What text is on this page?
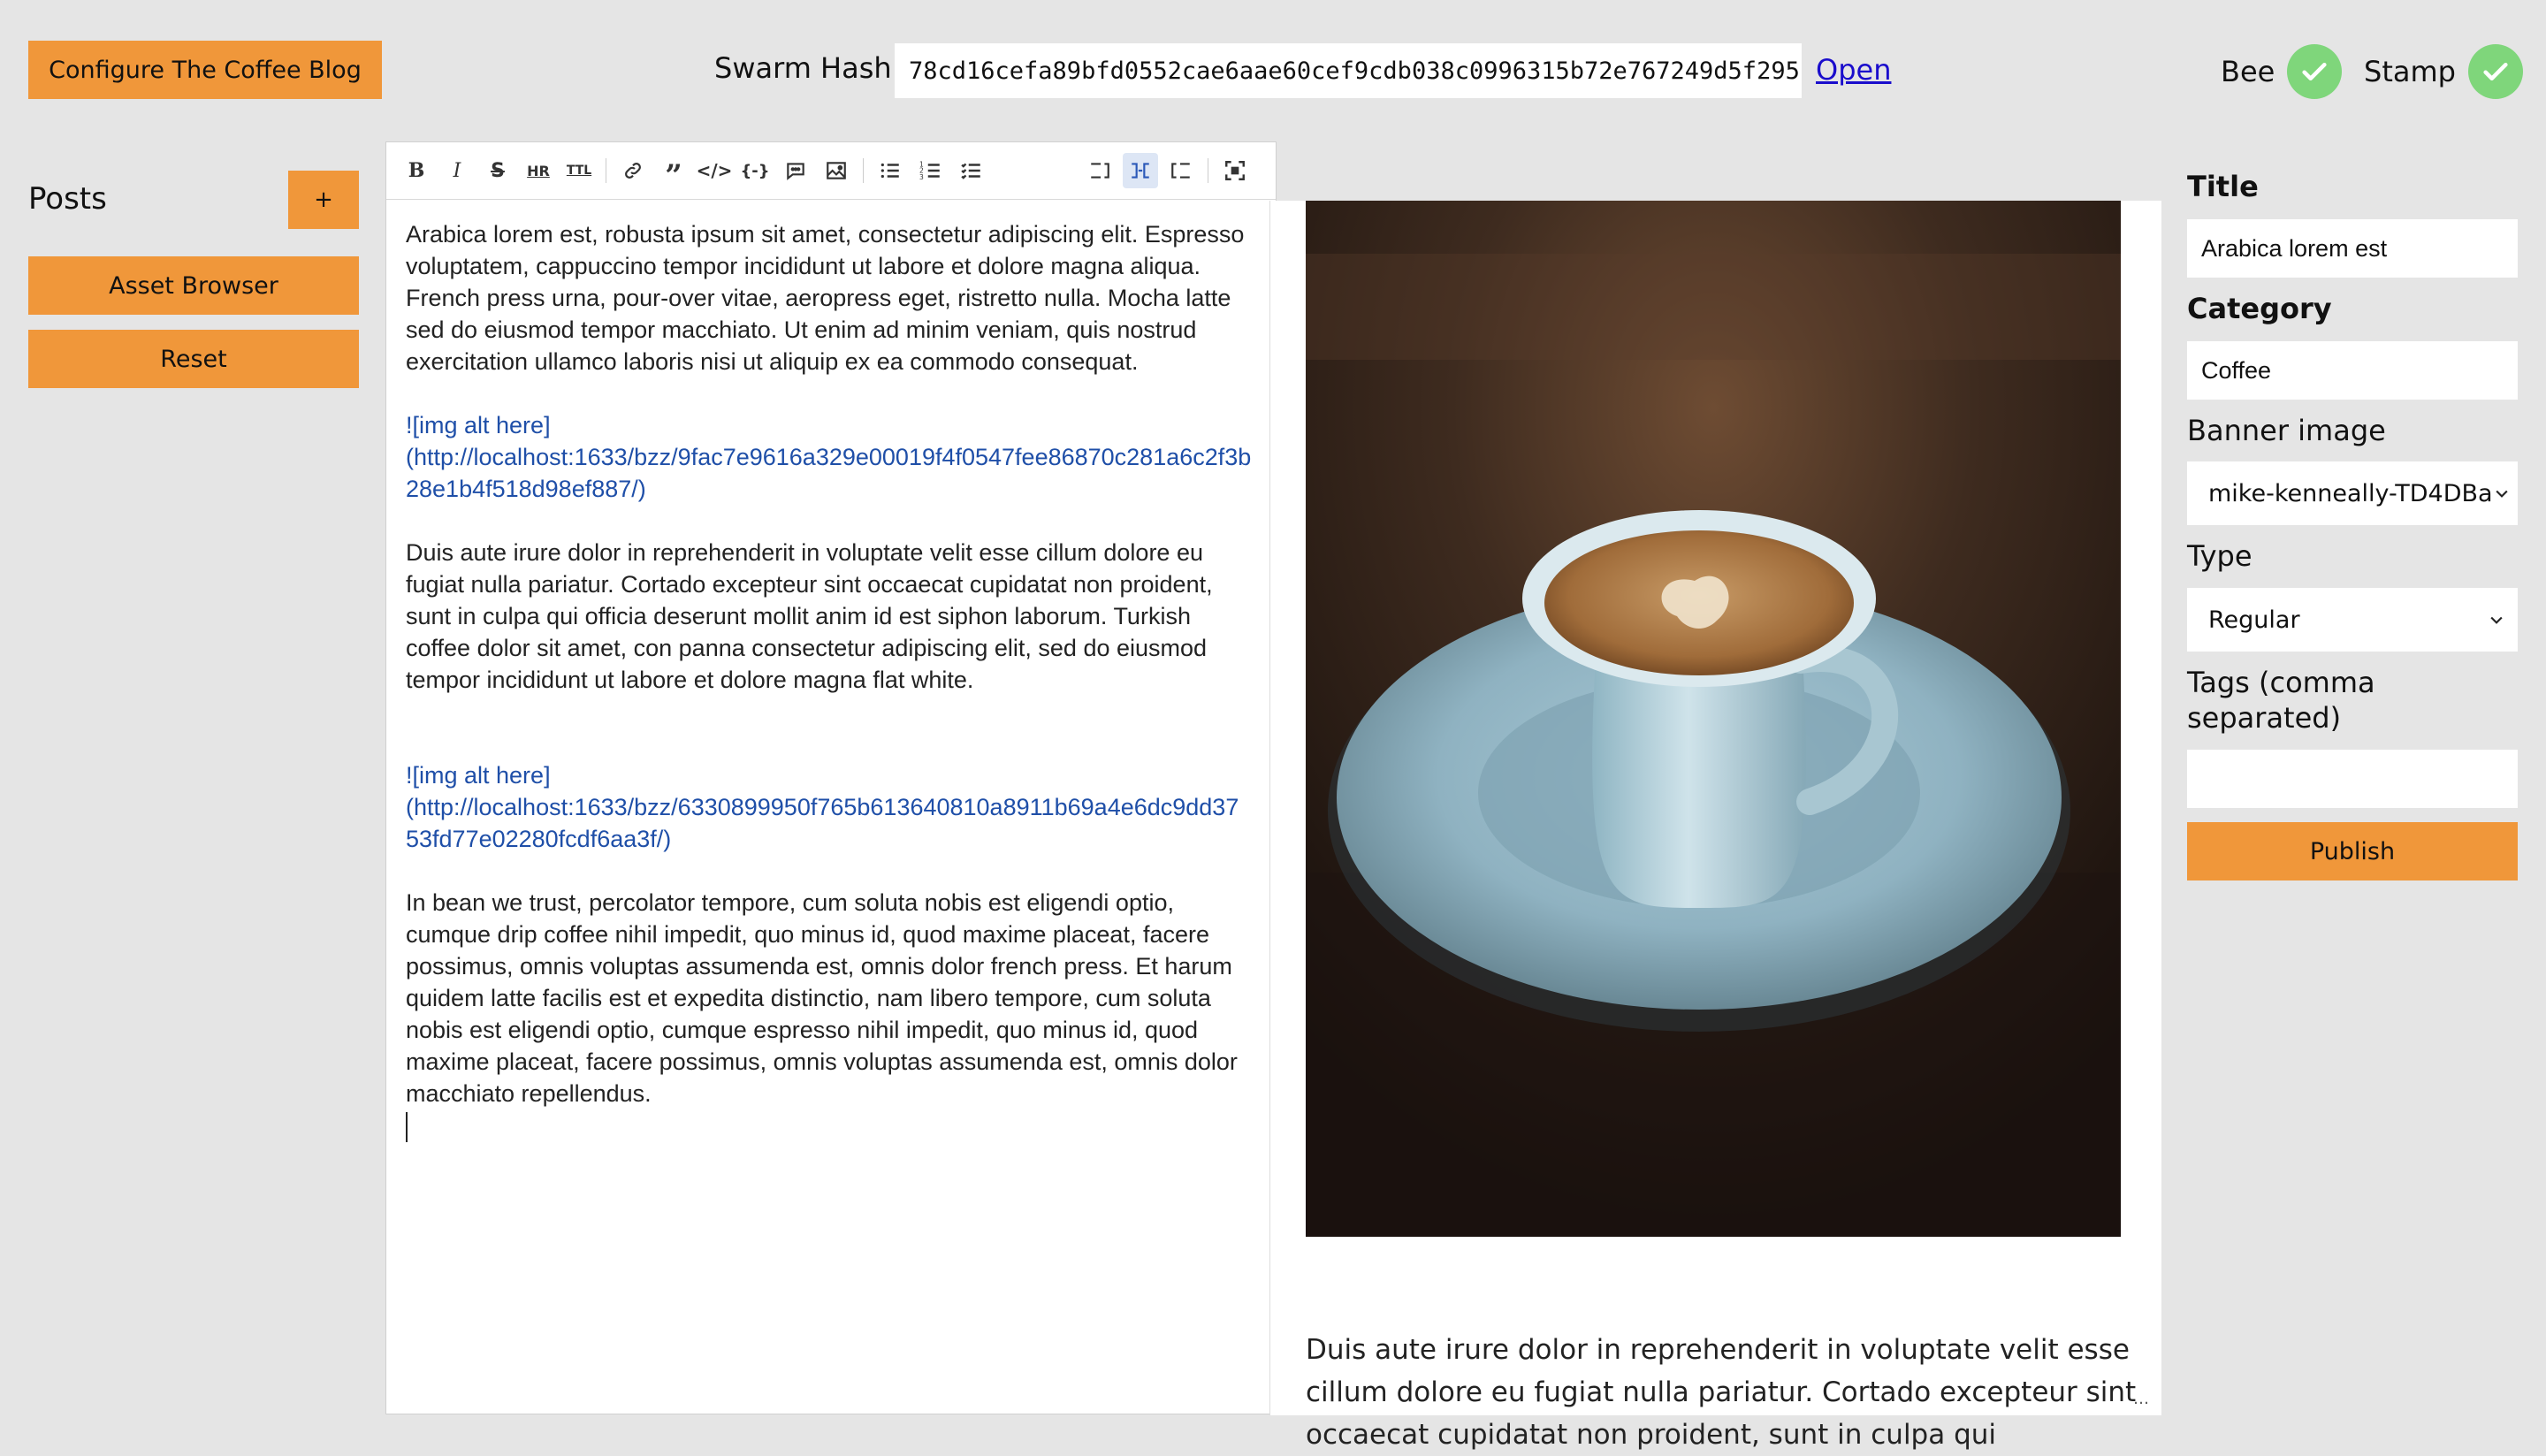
Configure The Coffee Blog	Swarm Hash 78cd16cefa89bfd0552cae6aae60cef9cdb038c0996315b72e767249d5f295 Open	Bee	Stamp
Posts	+
Asset Browser
Reset
B I S HR TTL	” </> {-}	1
2
3

Arabica lorem est, robusta ipsum sit amet, consectetur adipiscing elit. Espresso voluptatem, cappuccino tempor incididunt ut labore et dolore magna aliqua. French press urna, pour-over vitae, aeropress eget, ristretto nulla. Mocha latte sed do eiusmod tempor macchiato. Ut enim ad minim veniam, quis nostrud exercitation ullamco laboris nisi ut aliquip ex ea commodo consequat.

![img alt here]
(http://localhost:1633/bzz/9fac7e9616a329e00019f4f0547fee86870c281a6c2f3b28e1b4f518d98ef887/)

Duis aute irure dolor in reprehenderit in voluptate velit esse cillum dolore eu fugiat nulla pariatur. Cortado excepteur sint occaecat cupidatat non proident, sunt in culpa qui officia deserunt mollit anim id est siphon laborum. Turkish coffee dolor sit amet, con panna consectetur adipiscing elit, sed do eiusmod tempor incididunt ut labore et dolore magna flat white.

![img alt here]
(http://localhost:1633/bzz/6330899950f765b613640810a8911b69a4e6dc9dd3753fd77e02280fcdf6aa3f/)

In bean we trust, percolator tempore, cum soluta nobis est eligendi optio, cumque drip coffee nihil impedit, quo minus id, quod maxime placeat, facere possimus, omnis voluptas assumenda est, omnis dolor french press. Et harum quidem latte facilis est et expedita distinctio, nam libero tempore, cum soluta nobis est eligendi optio, cumque espresso nihil impedit, quo minus id, quod maxime placeat, facere possimus, omnis voluptas assumenda est, omnis dolor macchiato repellendus.

Duis aute irure dolor in reprehenderit in voluptate velit esse cillum dolore eu fugiat nulla pariatur. Cortado excepteur sint occaecat cupidatat non proident, sunt in culpa qui
…
Title
Arabica lorem est
Category
Coffee
Banner image
mike-kenneally-TD4DBa
Type
Regular
Tags (comma separated)
Publish
